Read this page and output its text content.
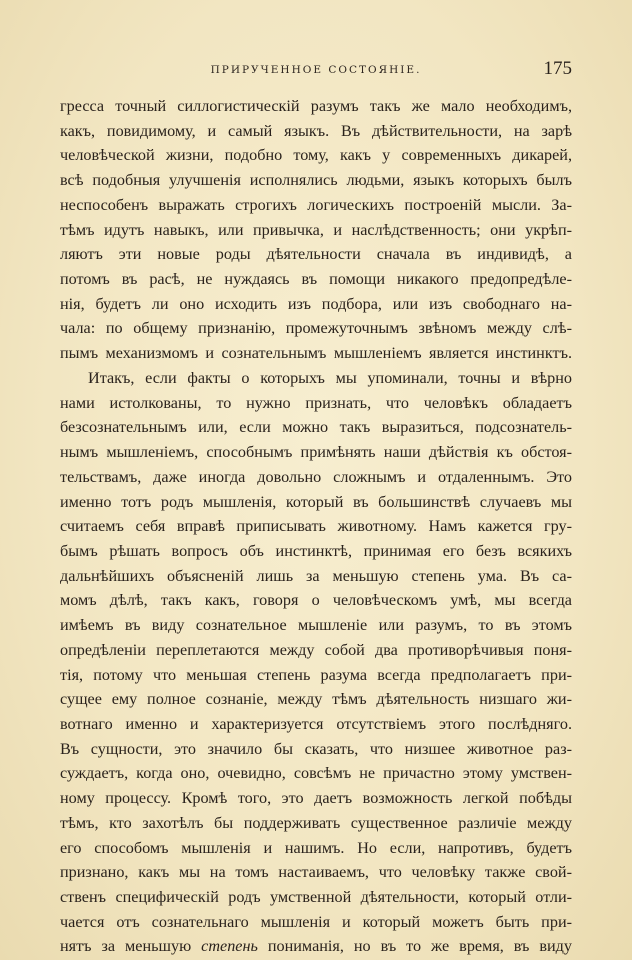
ПРИРУЧЕННОЕ СОСТОЯНІЕ.	175
гресса точный силлогистическій разумъ такъ же мало необходимъ,
какъ, повидимому, и самый языкъ. Въ дѣйствительности, на зарѣ
человѣческой жизни, подобно тому, какъ у современныхъ дикарей,
всѣ подобныя улучшенія исполнялись людьми, языкъ которыхъ былъ
неспособенъ выражать строгихъ логическихъ построеній мысли. За-
тѣмъ идутъ навыкъ, или привычка, и наслѣдственность; они укрѣп-
ляютъ эти новые роды дѣятельности сначала въ индивидѣ, а
потомъ въ расѣ, не нуждаясь въ помощи никакого предопредѣле-
нія, будетъ ли оно исходить изъ подбора, или изъ свободнаго на-
чала: по общему признанію, промежуточнымъ звѣномъ между слѣ-
пымъ механизмомъ и сознательнымъ мышленіемъ является инстинктъ.
Итакъ, если факты о которыхъ мы упоминали, точны и вѣрно
нами истолкованы, то нужно признать, что человѣкъ обладаетъ
безсознательнымъ или, если можно такъ выразиться, подсознатель-
нымъ мышленіемъ, способнымъ примѣнять наши дѣйствія къ обстоя-
тельствамъ, даже иногда довольно сложнымъ и отдаленнымъ. Это
именно тотъ родъ мышленія, который въ большинствѣ случаевъ мы
считаемъ себя вправѣ приписывать животному. Намъ кажется гру-
бымъ рѣшать вопросъ объ инстинктѣ, принимая его безъ всякихъ
дальнѣйшихъ объясненій лишь за меньшую степень ума. Въ са-
момъ дѣлѣ, такъ какъ, говоря о человѣческомъ умѣ, мы всегда
имѣемъ въ виду сознательное мышленіе или разумъ, то въ этомъ
опредѣленіи переплетаются между собой два противорѣчивыя поня-
тія, потому что меньшая степень разума всегда предполагаетъ при-
сущее ему полное сознаніе, между тѣмъ дѣятельность низшаго жи-
вотнаго именно и характеризуется отсутствіемъ этого послѣдняго.
Въ сущности, это значило бы сказать, что низшее животное раз-
суждаетъ, когда оно, очевидно, совсѣмъ не причастно этому умствен-
ному процессу. Кромѣ того, это даетъ возможность легкой побѣды
тѣмъ, кто захотѣлъ бы поддерживать существенное различіе между
его способомъ мышленія и нашимъ. Но если, напротивъ, будетъ
признано, какъ мы на томъ настаиваемъ, что человѣку также свой-
ственъ специфическій родъ умственной дѣятельности, который отли-
чается отъ сознательнаго мышленія и который можетъ быть при-
нятъ за меньшую степень пониманія, но въ то же время, въ виду
